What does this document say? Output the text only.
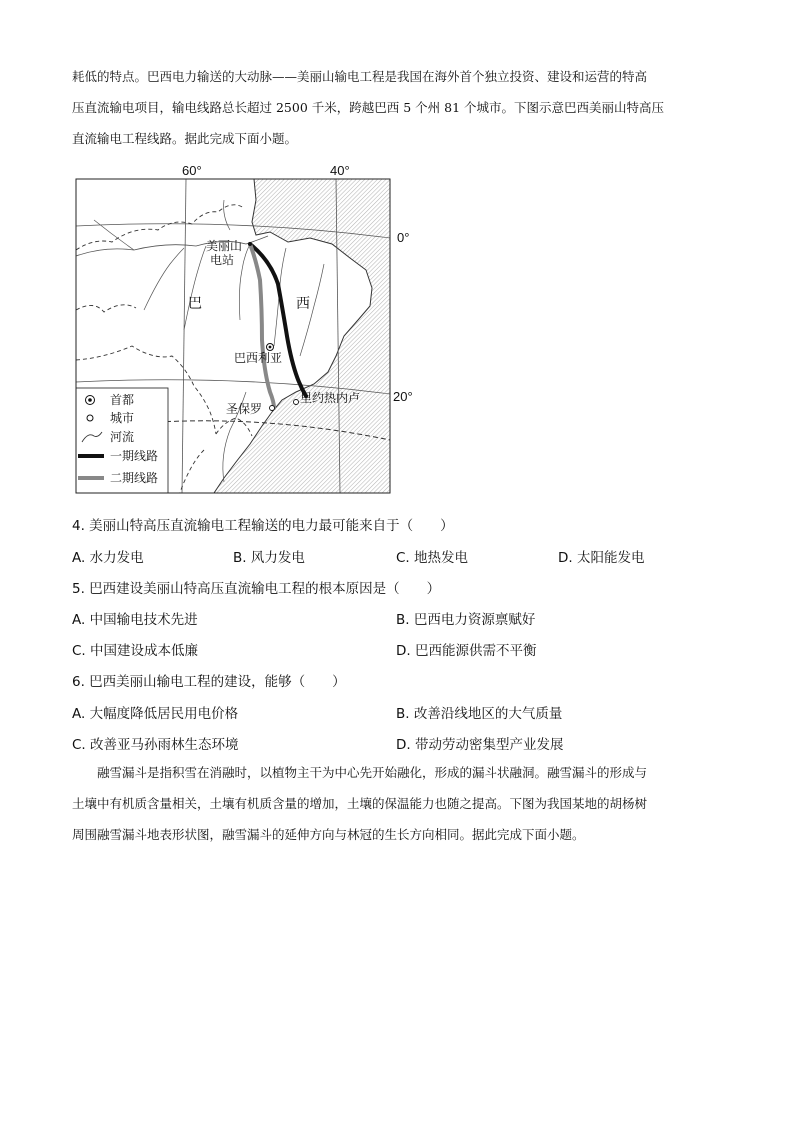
耗低的特点。巴西电力输送的大动脉——美丽山输电工程是我国在海外首个独立投资、建设和运营的特高

压直流输电项目，输电线路总长超过 2500 千米，跨越巴西 5 个州 81 个城市。下图示意巴西美丽山特高压

直流输电工程线路。据此完成下面小题。

60°	40°
美丽山
电站
巴	西
巴西利亚
里约热内卢
圣保罗
首都
城市
河流
一期线路
二期线路
0°
20°

4. 美丽山特高压直流输电工程输送的电力最可能来自于（　　）

A. 水力发电	B. 风力发电	C. 地热发电	D. 太阳能发电

5. 巴西建设美丽山特高压直流输电工程的根本原因是（　　）

A. 中国输电技术先进	B. 巴西电力资源禀赋好

C. 中国建设成本低廉	D. 巴西能源供需不平衡

6. 巴西美丽山输电工程的建设，能够（　　）

A. 大幅度降低居民用电价格	B. 改善沿线地区的大气质量

C. 改善亚马孙雨林生态环境	D. 带动劳动密集型产业发展

　　融雪漏斗是指积雪在消融时，以植物主干为中心先开始融化，形成的漏斗状融洞。融雪漏斗的形成与

土壤中有机质含量相关，土壤有机质含量的增加，土壤的保温能力也随之提高。下图为我国某地的胡杨树

周围融雪漏斗地表形状图，融雪漏斗的延伸方向与林冠的生长方向相同。据此完成下面小题。
